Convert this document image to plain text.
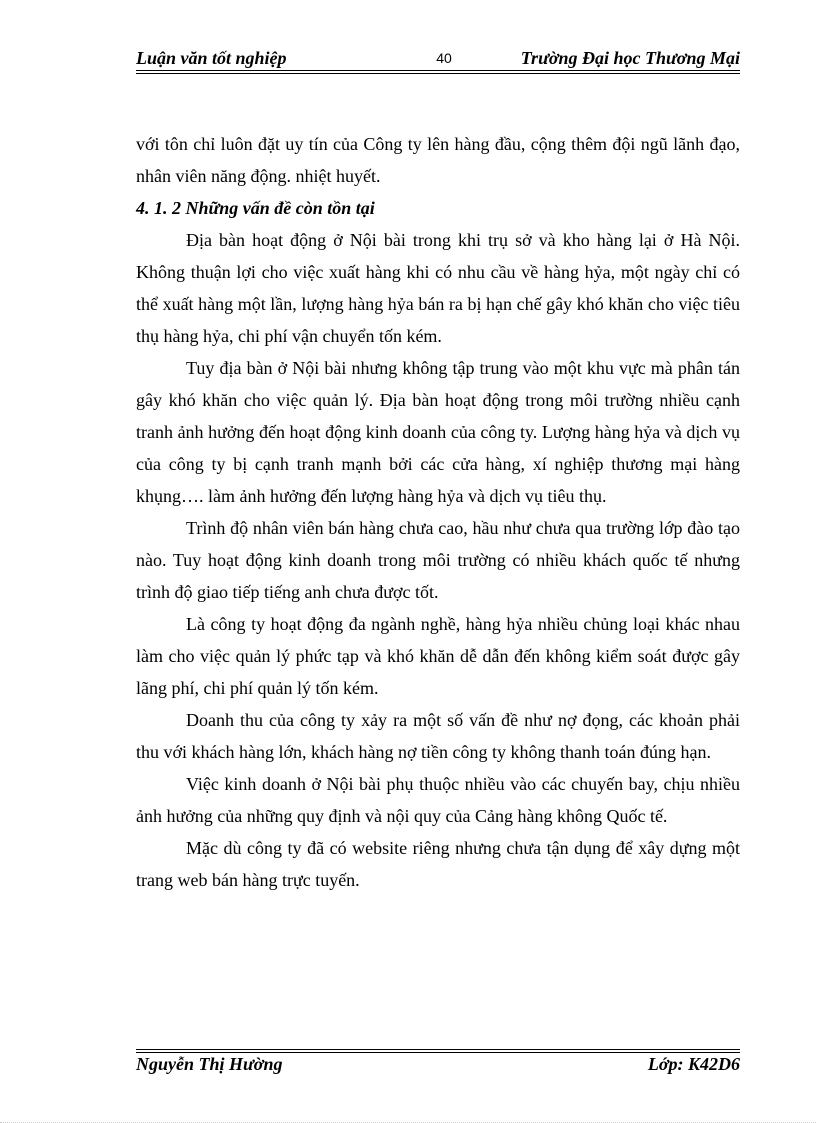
Luận văn tốt nghiệp	40	Trường Đại học Thương Mại

với tôn chỉ luôn đặt uy tín của Công ty lên hàng đầu, cộng thêm đội ngũ lãnh đạo, nhân viên năng động. nhiệt huyết.

4. 1. 2 Những vấn đề còn tồn tại

Địa bàn hoạt động ở Nội bài trong khi trụ sở và kho hàng lại ở Hà Nội. Không thuận lợi cho việc xuất hàng khi có nhu cầu về hàng hỷa, một ngày chỉ có thể xuất hàng một lần, lượng hàng hỷa bán ra bị hạn chế gây khó khăn cho việc tiêu thụ hàng hỷa, chi phí vận chuyển tốn kém.

Tuy địa bàn ở Nội bài nhưng không tập trung vào một khu vực mà phân tán gây khó khăn cho việc quản lý. Địa bàn hoạt động trong môi trường nhiều cạnh tranh ảnh hưởng đến hoạt động kinh doanh của công ty. Lượng hàng hỷa và dịch vụ của công ty bị cạnh tranh mạnh bởi các cửa hàng, xí nghiệp thương mại hàng khụng…. làm ảnh hưởng đến lượng hàng hỷa và dịch vụ tiêu thụ.

Trình độ nhân viên bán hàng chưa cao, hầu như chưa qua trường lớp đào tạo nào. Tuy hoạt động kinh doanh trong môi trường có nhiều khách quốc tế nhưng trình độ giao tiếp tiếng anh chưa được tốt.

Là công ty hoạt động đa ngành nghề, hàng hỷa nhiều chủng loại khác nhau làm cho việc quản lý phức tạp và khó khăn dễ dẫn đến không kiểm soát được gây lãng phí, chi phí quản lý tốn kém.

Doanh thu của công ty xảy ra một số vấn đề như nợ đọng, các khoản phải thu với khách hàng lớn, khách hàng nợ tiền công ty không thanh toán đúng hạn.

Việc kinh doanh ở Nội bài phụ thuộc nhiều vào các chuyến bay, chịu nhiều ảnh hưởng của những quy định và nội quy của Cảng hàng không Quốc tế.

Mặc dù công ty đã có website riêng nhưng chưa tận dụng để xây dựng một trang web bán hàng trực tuyến.

Nguyễn Thị Hường	Lớp: K42D6
